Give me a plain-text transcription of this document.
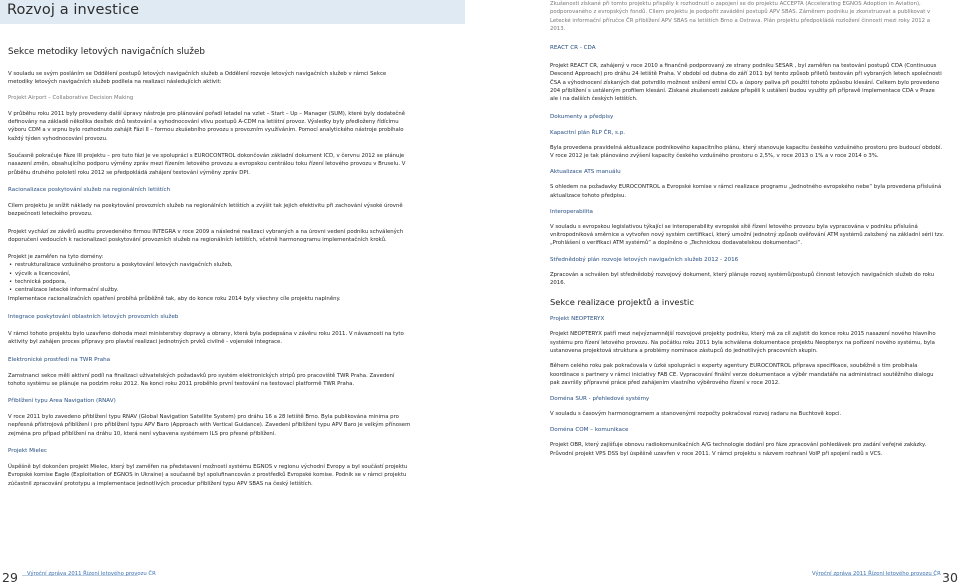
Rozvoj a investice
Sekce metodiky letových navigačních služeb

V souladu se svým posláním se Oddělení postupů letových navigačních služeb a Oddělení rozvoje letových navigačních služeb v rámci Sekce metodiky letových navigačních služeb podílela na realizaci následujících aktivit:

Projekt Airport – Collaborative Decision Making

V průběhu roku 2011 byly provedeny další úpravy nástroje pro plánování pořadí letadel na vzlet – Start – Up – Manager (SUM), které byly dodatečně definovány na základě několika desítek dnů testování a vyhodnocování vlivu postupů A-CDM na letištní provoz. Výsledky byly předloženy řídícímu výboru CDM a v srpnu bylo rozhodnuto zahájit Fázi II – formou zkušebního provozu s provozním využíváním. Pomocí analytického nástroje probíhalo každý týden vyhodnocování provozu.

Současně pokračuje Fáze III projektu – pro tuto fázi je ve spolupráci s EUROCONTROL dokončován základní dokument ICD, v červnu 2012 se plánuje nasazení změn, obsahujícího podporu výměny zpráv mezi řízením letového provozu a evropskou centrálou toku řízení letového provozu v Bruselu. V průběhu druhého pololetí roku 2012 se předpokládá zahájení testování výměny zpráv DPI.

Racionalizace poskytování služeb na regionálních letištích

Cílem projektu je snížit náklady na poskytování provozních služeb na regionálních letištích a zvýšit tak jejich efektivitu při zachování výsoké úrovně bezpečnosti leteckého provozu.

Projekt vychází ze závěrů auditu provedeného firmou INTEGRA v roce 2009 a následné realizaci vybraných a na úrovni vedení podniku schválených doporučení vedoucích k racionalizaci poskytování provozních služeb na regionálních letištích, včetně harmonogramu implementačních kroků.

Projekt je zaměřen na tyto domény:

• restrukturalizace vzdušného prostoru a poskytování letových navigačních služeb,
• výcvik a licencování,
• technická podpora,
• centralizace letecké informační služby.

Implementace racionalizačních opatření probíhá průběžně tak, aby do konce roku 2014 byly všechny cíle projektu naplněny.

Integrace poskytování oblastních letových provozních služeb

V rámci tohoto projektu bylo uzavřeno dohoda mezi ministerstvy dopravy a obrany, která byla podepsána v závěru roku 2011. V návaznosti na tyto aktivity byl zahájen proces přípravy pro plavtsí realizaci jednotných prvků civilně - vojenské integrace.

Elektronické prostředí na TWR Praha

Zamstnanci sekce měli aktivní podíl na finalizaci uživatelských požadavků pro systém elektronických stripů pro pracoviště TWR Praha. Zavedení tohoto systému se plánuje na podzim roku 2012. Na konci roku 2011 proběhlo první testování na testovací platformě TWR Praha.

Přiblížení typu Area Navigation (RNAV)

V roce 2011 bylo zavedeno přiblížení typu RNAV (Global Navigation Satellite System) pro dráhu 16 a 28 letiště Brno. Byla publikována minima pro nepřesná přístrojová přiblížení i pro přiblížení typu APV Baro (Approach with Vertical Guidance). Zavedení přiblížení typu APV Baro je velkým přínosem zejména pro případ přiblížení na dráhu 10, která není vybavena systémem ILS pro přesné přiblížení.

Projekt Mielec

Úspěšně byl dokončen projekt Mielec, který byl zaměřen na představení možností systému EGNOS v regionu východní Evropy a byl součástí projektu Evropské komise Eagle (Exploitation of EGNOS in Ukraine) a současně byl spolufinancován z prostředků Evropské komise. Podnik se v rámci projektu zúčastnil zpracování prototypu a implementace jednotlivých procedur přiblížení typu APV SBAS na český letištích.

Zkušenosti získané při tomto projektu přispěly k rozhodnutí o zapojení se do projektu ACCEPTA (Accelerating EGNOS Adoption in Aviation), podporovaného z evropských fondů. Cílem projektu je podpořit zavádění postupů APV SBAS. Záměrem podniku je zkonstruovat a publikovat v Letecké informační příručce ČR přiblížení APV SBAS na letištích Brno a Ostrava. Plán projektu předpokládá rozložení činnosti mezi roky 2012 a 2013.

REACT CR - CDA

Projekt REACT CR, zahájený v roce 2010 a finančně podporovaný ze strany podniku SESAR , byl zaměřen na testování postupů CDA (Continuous Descend Approach) pro dráhu 24 letiště Praha. V období od dubna do září 2011 byl tento způsob přiletů testován při vybraných letech společnosti ČSA a výhodnocení získaných dat potvrdilo možnost snížení emisí CO₂ a úspory paliva při použití tohoto způsobu klesání. Celkem bylo provedeno 204 přiblížení s ustáleným profilem klesání. Získané zkušenosti zakáze přispěli k ustálení budou využity při přípravě implementace CDA v Praze ale i na dalších českých letištích.

Dokumenty a předpisy

Kapacitní plán ŘLP ČR, s.p.

Byla provedena pravidelná aktualizace podnikového kapacitního plánu, který stanovuje kapacitu českého vzdušného prostoru pro budoucí období. V roce 2012 je tak plánováno zvýšení kapacity českého vzdušného prostoru o 2,5%, v roce 2013 o 1% a v roce 2014 o 3%.

Aktualizace ATS manuálu

S ohledem na požadavky EUROCONTROL a Evropské komise v rámci realizace programu „Jednotného evropského nebe“ byla provedena příslušná aktualizace tohoto předpisu.

Interoperabilita

V souladu s evropskou legislativou týkající se interoperability evropské sítě řízení letového provozu byla vypracována v podniku příslušná vnitropodniková směrnice a vytvořen nový systém certifikací, který umožní jednotný způsob ověřování ATM systémů založený na základní sérii tzv. „Prohlášení o verifikaci ATM systémů“ a doplněno o „Technickou dodavatelskou dokumentaci“.

Střednědobý plán rozvoje letových navigačních služeb 2012 - 2016

Zpracován a schválen byl střednědobý rozvojový dokument, který plánuje rozvoj systémů/postupů činnost letových navigačních služeb do roku 2016.

Sekce realizace projektů a investic

Projekt NEOPTERYX

Projekt NEOPTERYX patří mezi nejvýznamnější rozvojové projekty podniku, který má za cíl zajistit do konce roku 2015 nasazení nového hlavního systému pro řízení letového provozu. Na počátku roku 2011 byla schválena dokumentace projektu Neopteryx na pořízení nového systému, byla ustanovena projektová struktura a problémy nominace zástupců do jednotlivých pracovních skupin.

Během celého roku pak pokračovala v úzké spolupráci s experty agentury EUROCONTROL příprava specifikace, souběžně s tím probíhala koordinace s partnery v rámci iniciativy FAB CE. Vypracování finální verze dokumentace a výběr mandatáře na administraci soutěžního dialogu pak završily přípravné práce před zahájením vlastního výběrového řízení v roce 2012.

Doména SUR - přehledové systémy

V souladu s časovým harmonogramem a stanovenými rozpočty pokračoval rozvoj radaru na Buchtově kopci.

Doména COM – komunikace

Projekt OBR, který zajišťuje obnovu radiokomunikačních A/G technologie dodání pro fáze zpracování pohledávek pro zadání veřejné zakázky. Průvodní projekt VPS DSS byl úspěšně uzavřen v roce 2011. V rámci projektu s názvem rozhraní VoIP při spojení radů s VCS.

29 Výroční zpráva 2011 Řízení letového provozu ČR	Výroční zpráva 2011 Řízení letového provozu ČR 30
